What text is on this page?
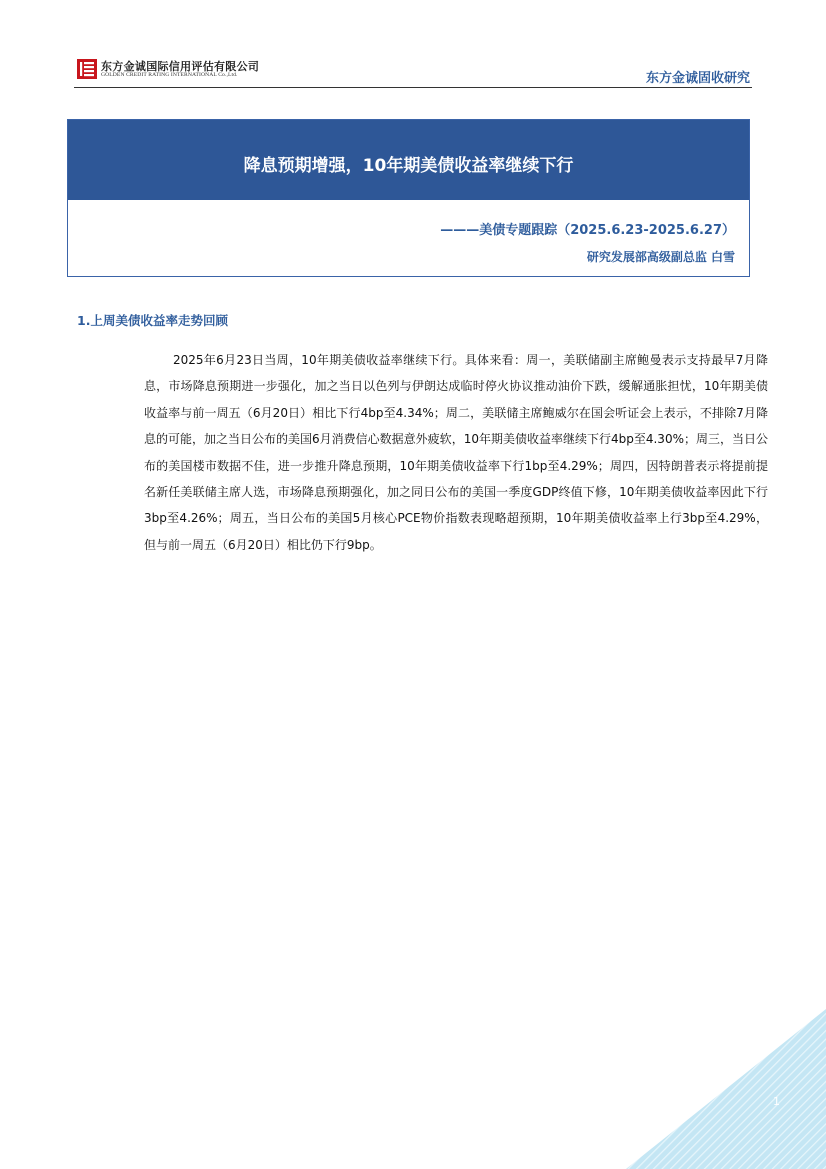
东方金诚国际信用评估有限公司
GOLDEN CREDIT RATING INTERNATIONAL Co.,Ltd.	东方金诚固收研究
降息预期增强，10年期美债收益率继续下行
———美债专题跟踪（2025.6.23-2025.6.27）
研究发展部高级副总监 白雪
1.上周美债收益率走势回顾

2025年6月23日当周，10年期美债收益率继续下行。具体来看：周一，美联储副主席鲍曼表示支持最早7月降息，市场降息预期进一步强化，加之当日以色列与伊朗达成临时停火协议推动油价下跌，缓解通胀担忧，10年期美债收益率与前一周五（6月20日）相比下行4bp至4.34%；周二，美联储主席鲍威尔在国会听证会上表示，不排除7月降息的可能，加之当日公布的美国6月消费信心数据意外疲软，10年期美债收益率继续下行4bp至4.30%；周三，当日公布的美国楼市数据不佳，进一步推升降息预期，10年期美债收益率下行1bp至4.29%；周四，因特朗普表示将提前提名新任美联储主席人选，市场降息预期强化，加之同日公布的美国一季度GDP终值下修，10年期美债收益率因此下行3bp至4.26%；周五，当日公布的美国5月核心PCE物价指数表现略超预期，10年期美债收益率上行3bp至4.29%，但与前一周五（6月20日）相比仍下行9bp。

1
